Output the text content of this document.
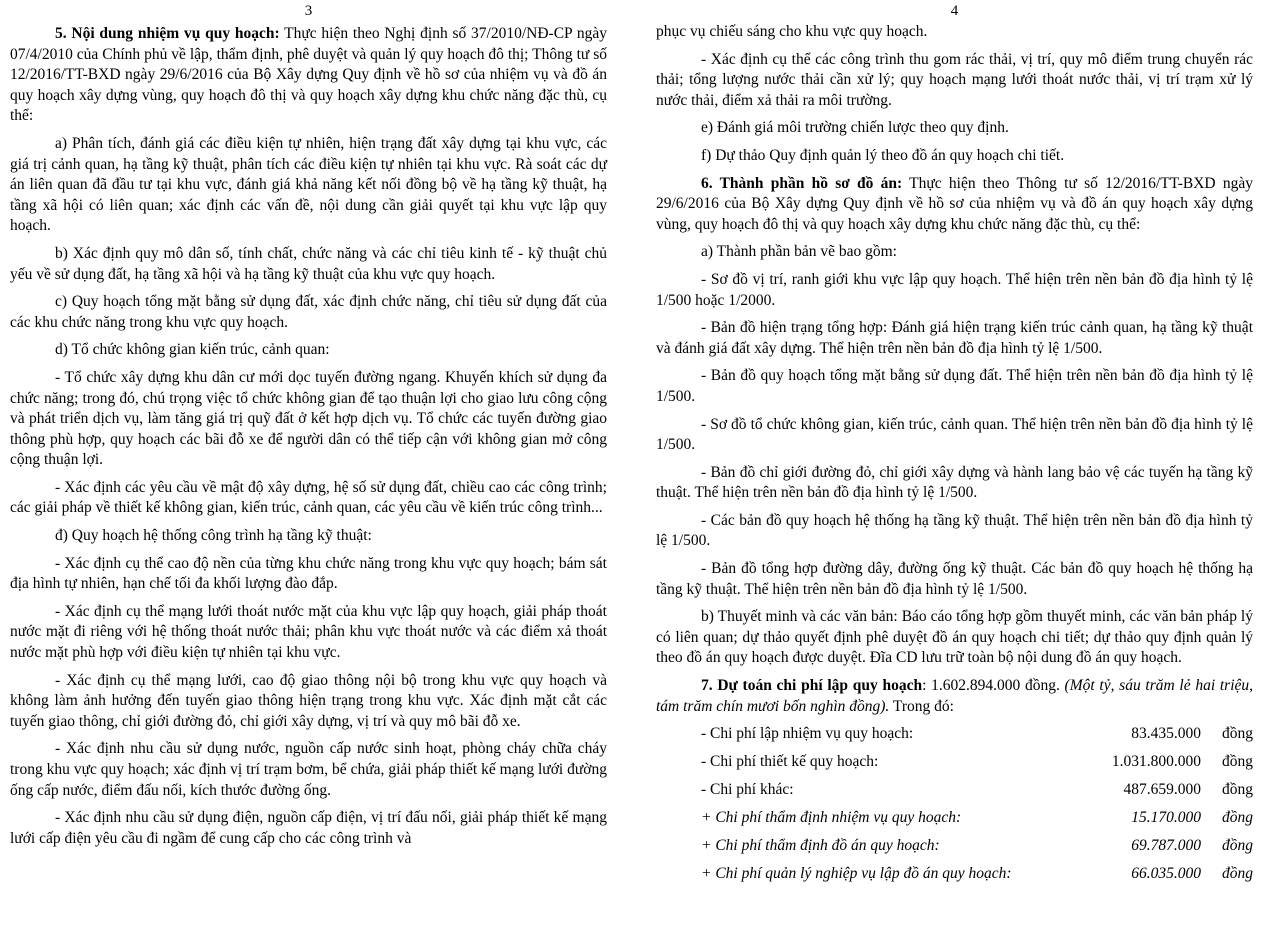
3

5. Nội dung nhiệm vụ quy hoạch: Thực hiện theo Nghị định số 37/2010/NĐ-CP ngày 07/4/2010 của Chính phủ về lập, thẩm định, phê duyệt và quản lý quy hoạch đô thị; Thông tư số 12/2016/TT-BXD ngày 29/6/2016 của Bộ Xây dựng Quy định về hồ sơ của nhiệm vụ và đồ án quy hoạch xây dựng vùng, quy hoạch đô thị và quy hoạch xây dựng khu chức năng đặc thù, cụ thể:

a) Phân tích, đánh giá các điều kiện tự nhiên, hiện trạng đất xây dựng tại khu vực, các giá trị cảnh quan, hạ tầng kỹ thuật, phân tích các điều kiện tự nhiên tại khu vực. Rà soát các dự án liên quan đã đầu tư tại khu vực, đánh giá khả năng kết nối đồng bộ về hạ tầng kỹ thuật, hạ tầng xã hội có liên quan; xác định các vấn đề, nội dung cần giải quyết tại khu vực lập quy hoạch.

b) Xác định quy mô dân số, tính chất, chức năng và các chỉ tiêu kinh tế - kỹ thuật chủ yếu về sử dụng đất, hạ tầng xã hội và hạ tầng kỹ thuật của khu vực quy hoạch.

c) Quy hoạch tổng mặt bằng sử dụng đất, xác định chức năng, chỉ tiêu sử dụng đất của các khu chức năng trong khu vực quy hoạch.

d) Tổ chức không gian kiến trúc, cảnh quan:

- Tổ chức xây dựng khu dân cư mới dọc tuyến đường ngang. Khuyến khích sử dụng đa chức năng; trong đó, chú trọng việc tổ chức không gian để tạo thuận lợi cho giao lưu công cộng và phát triển dịch vụ, làm tăng giá trị quỹ đất ở kết hợp dịch vụ. Tổ chức các tuyến đường giao thông phù hợp, quy hoạch các bãi đỗ xe để người dân có thể tiếp cận với không gian mở công cộng thuận lợi.

- Xác định các yêu cầu về mật độ xây dựng, hệ số sử dụng đất, chiều cao các công trình; các giải pháp về thiết kế không gian, kiến trúc, cảnh quan, các yêu cầu về kiến trúc công trình...

đ) Quy hoạch hệ thống công trình hạ tầng kỹ thuật:

- Xác định cụ thể cao độ nền của từng khu chức năng trong khu vực quy hoạch; bám sát địa hình tự nhiên, hạn chế tối đa khối lượng đào đắp.

- Xác định cụ thể mạng lưới thoát nước mặt của khu vực lập quy hoạch, giải pháp thoát nước mặt đi riêng với hệ thống thoát nước thải; phân khu vực thoát nước và các điểm xả thoát nước mặt phù hợp với điều kiện tự nhiên tại khu vực.

- Xác định cụ thể mạng lưới, cao độ giao thông nội bộ trong khu vực quy hoạch và không làm ảnh hưởng đến tuyến giao thông hiện trạng trong khu vực. Xác định mặt cắt các tuyến giao thông, chỉ giới đường đỏ, chỉ giới xây dựng, vị trí và quy mô bãi đỗ xe.

- Xác định nhu cầu sử dụng nước, nguồn cấp nước sinh hoạt, phòng cháy chữa cháy trong khu vực quy hoạch; xác định vị trí trạm bơm, bể chứa, giải pháp thiết kế mạng lưới đường ống cấp nước, điểm đấu nối, kích thước đường ống.

- Xác định nhu cầu sử dụng điện, nguồn cấp điện, vị trí đấu nối, giải pháp thiết kế mạng lưới cấp điện yêu cầu đi ngầm để cung cấp cho các công trình và

4

phục vụ chiếu sáng cho khu vực quy hoạch.

- Xác định cụ thể các công trình thu gom rác thải, vị trí, quy mô điểm trung chuyển rác thải; tổng lượng nước thải cần xử lý; quy hoạch mạng lưới thoát nước thải, vị trí trạm xử lý nước thải, điểm xả thải ra môi trường.

e) Đánh giá môi trường chiến lược theo quy định.

f) Dự thảo Quy định quản lý theo đồ án quy hoạch chi tiết.

6. Thành phần hồ sơ đồ án: Thực hiện theo Thông tư số 12/2016/TT-BXD ngày 29/6/2016 của Bộ Xây dựng Quy định về hồ sơ của nhiệm vụ và đồ án quy hoạch xây dựng vùng, quy hoạch đô thị và quy hoạch xây dựng khu chức năng đặc thù, cụ thể:

a) Thành phần bản vẽ bao gồm:

- Sơ đồ vị trí, ranh giới khu vực lập quy hoạch. Thể hiện trên nền bản đồ địa hình tỷ lệ 1/500 hoặc 1/2000.

- Bản đồ hiện trạng tổng hợp: Đánh giá hiện trạng kiến trúc cảnh quan, hạ tầng kỹ thuật và đánh giá đất xây dựng. Thể hiện trên nền bản đồ địa hình tỷ lệ 1/500.

- Bản đồ quy hoạch tổng mặt bằng sử dụng đất. Thể hiện trên nền bản đồ địa hình tỷ lệ 1/500.

- Sơ đồ tổ chức không gian, kiến trúc, cảnh quan. Thể hiện trên nền bản đồ địa hình tỷ lệ 1/500.

- Bản đồ chỉ giới đường đỏ, chỉ giới xây dựng và hành lang bảo vệ các tuyến hạ tầng kỹ thuật. Thể hiện trên nền bản đồ địa hình tỷ lệ 1/500.

- Các bản đồ quy hoạch hệ thống hạ tầng kỹ thuật. Thể hiện trên nền bản đồ địa hình tỷ lệ 1/500.

- Bản đồ tổng hợp đường dây, đường ống kỹ thuật. Các bản đồ quy hoạch hệ thống hạ tầng kỹ thuật. Thể hiện trên nền bản đồ địa hình tỷ lệ 1/500.

b) Thuyết minh và các văn bản: Báo cáo tổng hợp gồm thuyết minh, các văn bản pháp lý có liên quan; dự thảo quyết định phê duyệt đồ án quy hoạch chi tiết; dự thảo quy định quản lý theo đồ án quy hoạch được duyệt. Đĩa CD lưu trữ toàn bộ nội dung đồ án quy hoạch.

7. Dự toán chi phí lập quy hoạch: 1.602.894.000 đồng. (Một tỷ, sáu trăm lẻ hai triệu, tám trăm chín mươi bốn nghìn đồng). Trong đó:

- Chi phí lập nhiệm vụ quy hoạch:	83.435.000	đồng
- Chi phí thiết kế quy hoạch:	1.031.800.000	đồng
- Chi phí khác:	487.659.000	đồng
+ Chi phí thẩm định nhiệm vụ quy hoạch:	15.170.000	đồng
+ Chi phí thẩm định đồ án quy hoạch:	69.787.000	đồng
+ Chi phí quản lý nghiệp vụ lập đồ án quy hoạch:	66.035.000	đồng
